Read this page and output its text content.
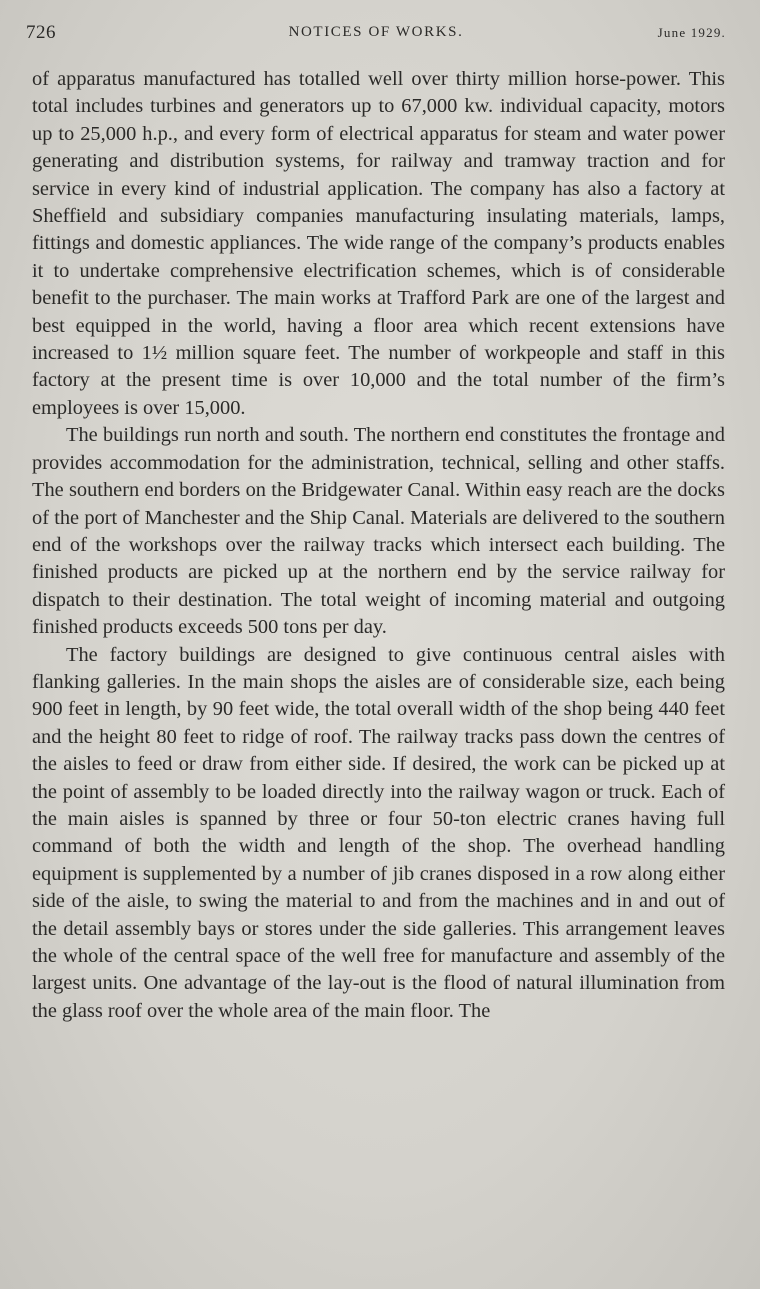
726	NOTICES OF WORKS.	June 1929.

of apparatus manufactured has totalled well over thirty million horse-power. This total includes turbines and generators up to 67,000 kw. individual capacity, motors up to 25,000 h.p., and every form of electrical apparatus for steam and water power generating and distribution systems, for railway and tramway traction and for service in every kind of industrial application. The company has also a factory at Sheffield and subsidiary companies manufacturing insulating materials, lamps, fittings and domestic appliances. The wide range of the company’s products enables it to undertake comprehensive electrification schemes, which is of considerable benefit to the purchaser. The main works at Trafford Park are one of the largest and best equipped in the world, having a floor area which recent extensions have increased to 1½ million square feet. The number of workpeople and staff in this factory at the present time is over 10,000 and the total number of the firm’s employees is over 15,000.

The buildings run north and south. The northern end constitutes the frontage and provides accommodation for the administration, technical, selling and other staffs. The southern end borders on the Bridgewater Canal. Within easy reach are the docks of the port of Manchester and the Ship Canal. Materials are delivered to the southern end of the workshops over the railway tracks which intersect each building. The finished products are picked up at the northern end by the service railway for dispatch to their destination. The total weight of incoming material and outgoing finished products exceeds 500 tons per day.

The factory buildings are designed to give continuous central aisles with flanking galleries. In the main shops the aisles are of considerable size, each being 900 feet in length, by 90 feet wide, the total overall width of the shop being 440 feet and the height 80 feet to ridge of roof. The railway tracks pass down the centres of the aisles to feed or draw from either side. If desired, the work can be picked up at the point of assembly to be loaded directly into the railway wagon or truck. Each of the main aisles is spanned by three or four 50-ton electric cranes having full command of both the width and length of the shop. The overhead handling equipment is supplemented by a number of jib cranes disposed in a row along either side of the aisle, to swing the material to and from the machines and in and out of the detail assembly bays or stores under the side galleries. This arrangement leaves the whole of the central space of the well free for manufacture and assembly of the largest units. One advantage of the lay-out is the flood of natural illumination from the glass roof over the whole area of the main floor. The
